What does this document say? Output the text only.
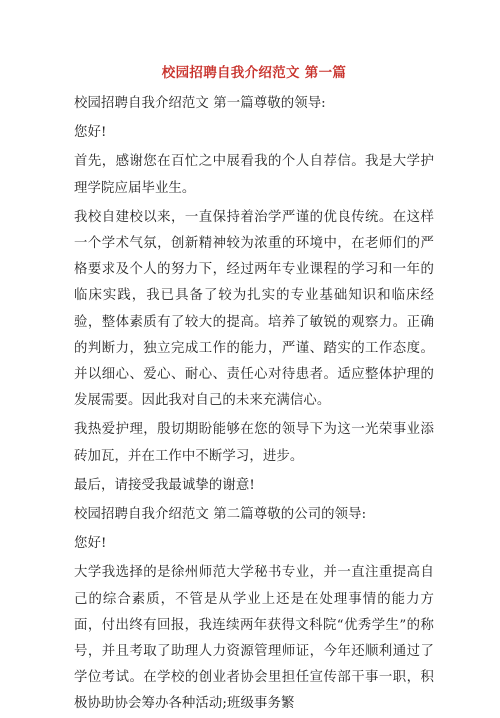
校园招聘自我介绍范文 第一篇

校园招聘自我介绍范文 第一篇尊敬的领导:

您好!

首先，感谢您在百忙之中展看我的个人自荐信。我是大学护理学院应届毕业生。

我校自建校以来，一直保持着治学严谨的优良传统。在这样一个学术气氛，创新精神较为浓重的环境中，在老师们的严格要求及个人的努力下，经过两年专业课程的学习和一年的临床实践，我已具备了较为扎实的专业基础知识和临床经验，整体素质有了较大的提高。培养了敏锐的观察力。正确的判断力，独立完成工作的能力，严谨、踏实的工作态度。并以细心、爱心、耐心、责任心对待患者。适应整体护理的发展需要。因此我对自己的未来充满信心。

我热爱护理，殷切期盼能够在您的领导下为这一光荣事业添砖加瓦，并在工作中不断学习，进步。

最后，请接受我最诚挚的谢意!

校园招聘自我介绍范文 第二篇尊敬的公司的领导:

您好!

大学我选择的是徐州师范大学秘书专业，并一直注重提高自己的综合素质，不管是从学业上还是在处理事情的能力方面，付出终有回报，我连续两年获得文科院“优秀学生”的称号，并且考取了助理人力资源管理师证，今年还顺利通过了学位考试。在学校的创业者协会里担任宣传部干事一职，积极协助协会筹办各种活动;班级事务繁
